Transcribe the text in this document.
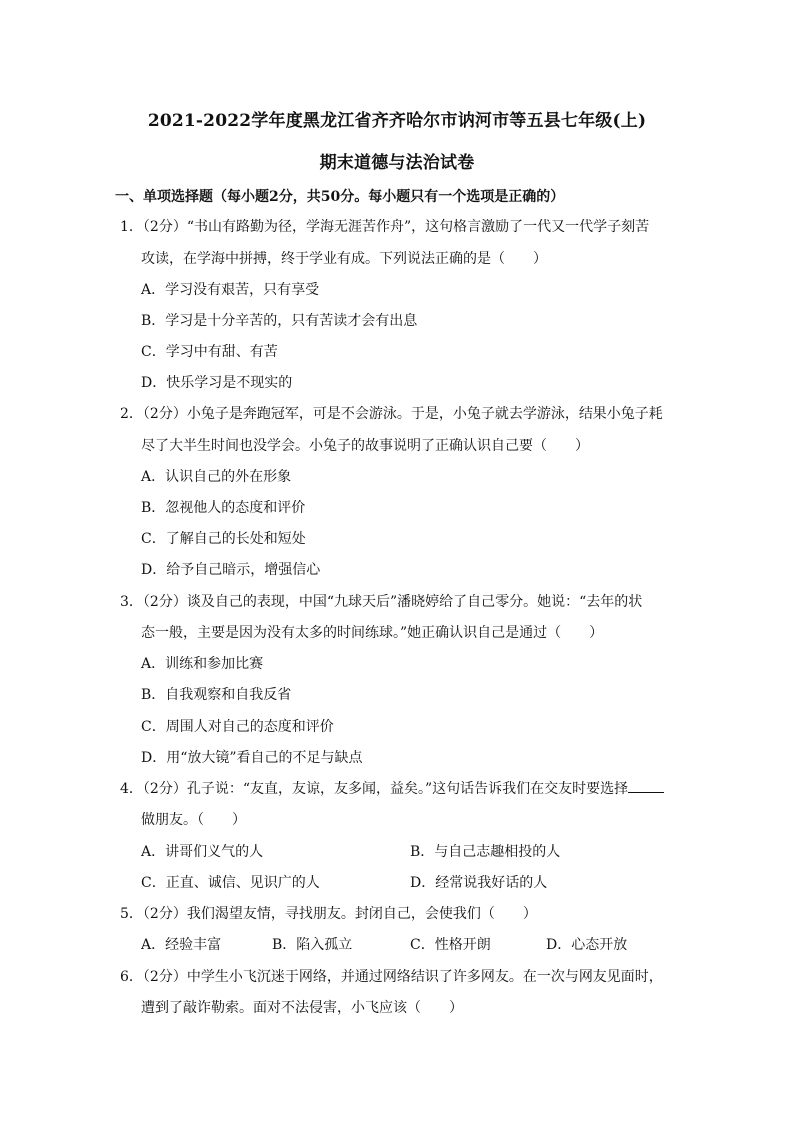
2021-2022学年度黑龙江省齐齐哈尔市讷河市等五县七年级(上)
期末道德与法治试卷
一、单项选择题（每小题2分，共50分。每小题只有一个选项是正确的）
1．（2分）“书山有路勤为径，学海无涯苦作舟”，这句格言激励了一代又一代学子刻苦
攻读，在学海中拼搏，终于学业有成。下列说法正确的是（　　）
A．学习没有艰苦，只有享受
B．学习是十分辛苦的，只有苦读才会有出息
C．学习中有甜、有苦
D．快乐学习是不现实的
2．（2分）小兔子是奔跑冠军，可是不会游泳。于是，小兔子就去学游泳，结果小兔子耗
尽了大半生时间也没学会。小兔子的故事说明了正确认识自己要（　　）
A．认识自己的外在形象
B．忽视他人的态度和评价
C．了解自己的长处和短处
D．给予自己暗示，增强信心
3．（2分）谈及自己的表现，中国“九球天后”潘晓婷给了自己零分。她说：“去年的状
态一般，主要是因为没有太多的时间练球。”她正确认识自己是通过（　　）
A．训练和参加比赛
B．自我观察和自我反省
C．周围人对自己的态度和评价
D．用“放大镜”看自己的不足与缺点
4．（2分）孔子说：“友直，友谅，友多闻，益矣。”这句话告诉我们在交友时要选择
做朋友。（　　）
A．讲哥们义气的人	B．与自己志趣相投的人
C．正直、诚信、见识广的人	D．经常说我好话的人
5．（2分）我们渴望友情，寻找朋友。封闭自己，会使我们（　　）
A．经验丰富	B．陷入孤立	C．性格开朗	D．心态开放
6．（2分）中学生小飞沉迷于网络，并通过网络结识了许多网友。在一次与网友见面时，
遭到了敲诈勒索。面对不法侵害，小飞应该（　　）
